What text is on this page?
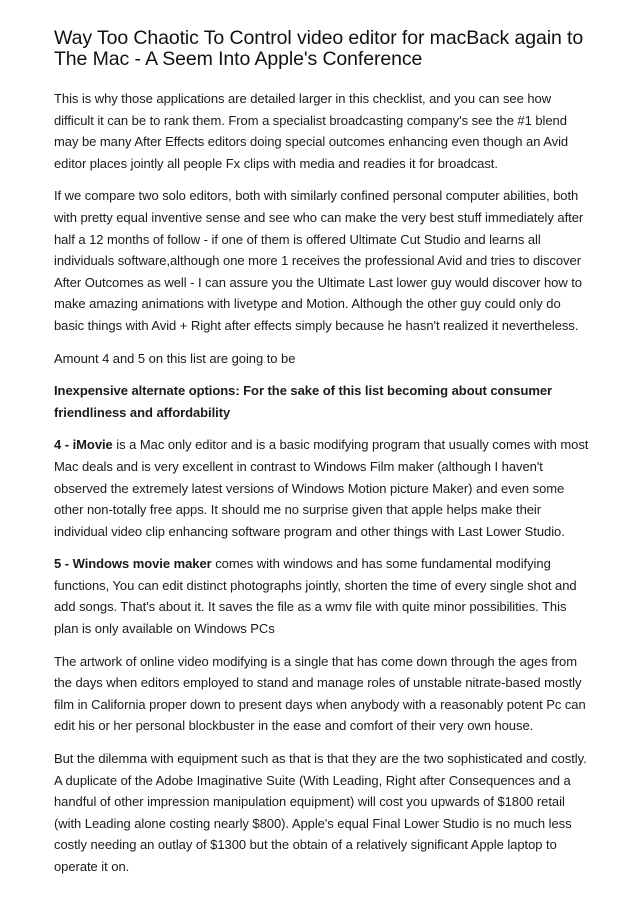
Way Too Chaotic To Control video editor for macBack again to The Mac - A Seem Into Apple's Conference

This is why those applications are detailed larger in this checklist, and you can see how difficult it can be to rank them. From a specialist broadcasting company's see the #1 blend may be many After Effects editors doing special outcomes enhancing even though an Avid editor places jointly all people Fx clips with media and readies it for broadcast.

If we compare two solo editors, both with similarly confined personal computer abilities, both with pretty equal inventive sense and see who can make the very best stuff immediately after half a 12 months of follow - if one of them is offered Ultimate Cut Studio and learns all individuals software,although one more 1 receives the professional Avid and tries to discover After Outcomes as well - I can assure you the Ultimate Last lower guy would discover how to make amazing animations with livetype and Motion. Although the other guy could only do basic things with Avid + Right after effects simply because he hasn't realized it nevertheless.

Amount 4 and 5 on this list are going to be

Inexpensive alternate options: For the sake of this list becoming about consumer friendliness and affordability

4 - iMovie is a Mac only editor and is a basic modifying program that usually comes with most Mac deals and is very excellent in contrast to Windows Film maker (although I haven't observed the extremely latest versions of Windows Motion picture Maker) and even some other non-totally free apps. It should me no surprise given that apple helps make their individual video clip enhancing software program and other things with Last Lower Studio.

5 - Windows movie maker comes with windows and has some fundamental modifying functions, You can edit distinct photographs jointly, shorten the time of every single shot and add songs. That's about it. It saves the file as a wmv file with quite minor possibilities. This plan is only available on Windows PCs

The artwork of online video modifying is a single that has come down through the ages from the days when editors employed to stand and manage roles of unstable nitrate-based mostly film in California proper down to present days when anybody with a reasonably potent Pc can edit his or her personal blockbuster in the ease and comfort of their very own house.

But the dilemma with equipment such as that is that they are the two sophisticated and costly. A duplicate of the Adobe Imaginative Suite (With Leading, Right after Consequences and a handful of other impression manipulation equipment) will cost you upwards of $1800 retail (with Leading alone costing nearly $800). Apple's equal Final Lower Studio is no much less costly needing an outlay of $1300 but the obtain of a relatively significant Apple laptop to operate it on.
